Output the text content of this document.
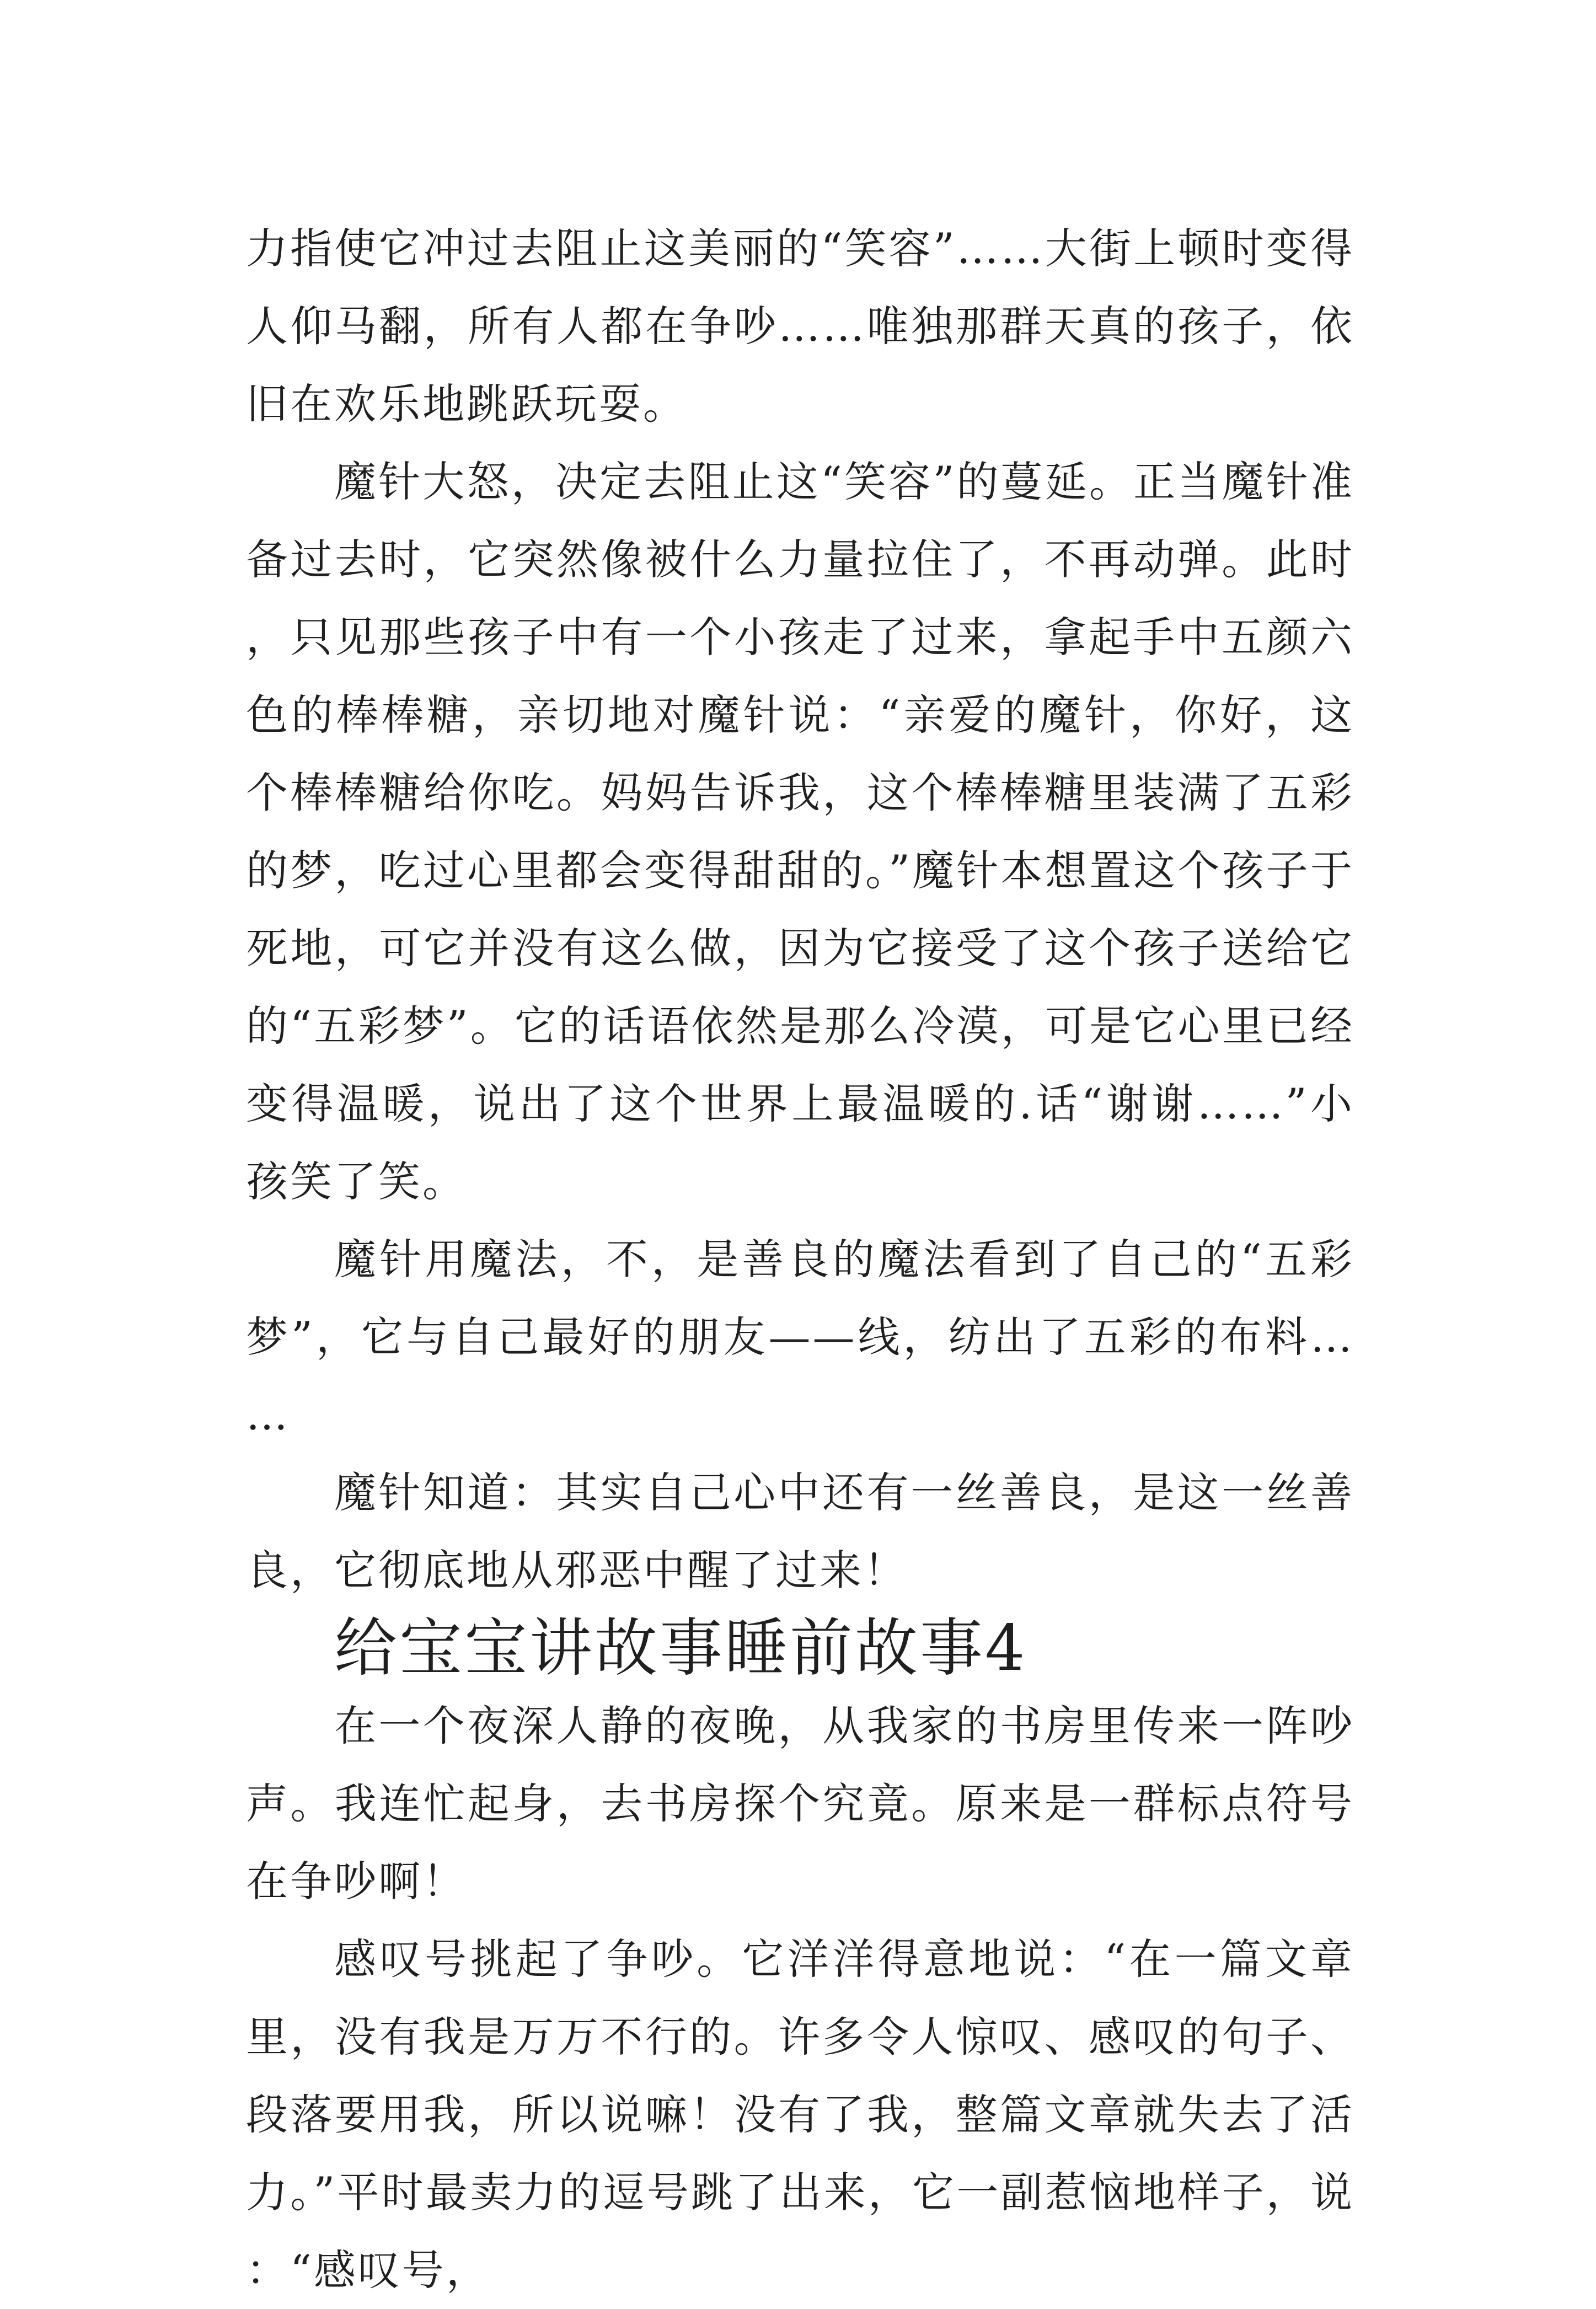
力指使它冲过去阻止这美丽的“笑容”……大街上顿时变得人仰马翻，所有人都在争吵……唯独那群天真的孩子，依旧在欢乐地跳跃玩耍。

魔针大怒，决定去阻止这“笑容”的蔓延。正当魔针准备过去时，它突然像被什么力量拉住了，不再动弹。此时，只见那些孩子中有一个小孩走了过来，拿起手中五颜六色的棒棒糖，亲切地对魔针说：“亲爱的魔针，你好，这个棒棒糖给你吃。妈妈告诉我，这个棒棒糖里装满了五彩的梦，吃过心里都会变得甜甜的。”魔针本想置这个孩子于死地，可它并没有这么做，因为它接受了这个孩子送给它的“五彩梦”。它的话语依然是那么冷漠，可是它心里已经变得温暖，说出了这个世界上最温暖的.话“谢谢……”小孩笑了笑。

魔针用魔法，不，是善良的魔法看到了自己的“五彩梦”，它与自己最好的朋友——线，纺出了五彩的布料……

魔针知道：其实自己心中还有一丝善良，是这一丝善良，它彻底地从邪恶中醒了过来！

给宝宝讲故事睡前故事4

在一个夜深人静的夜晚，从我家的书房里传来一阵吵声。我连忙起身，去书房探个究竟。原来是一群标点符号在争吵啊！

感叹号挑起了争吵。它洋洋得意地说：“在一篇文章里，没有我是万万不行的。许多令人惊叹、感叹的句子、段落要用我，所以说嘛！没有了我，整篇文章就失去了活力。”平时最卖力的逗号跳了出来，它一副惹恼地样子，说：“感叹号，
